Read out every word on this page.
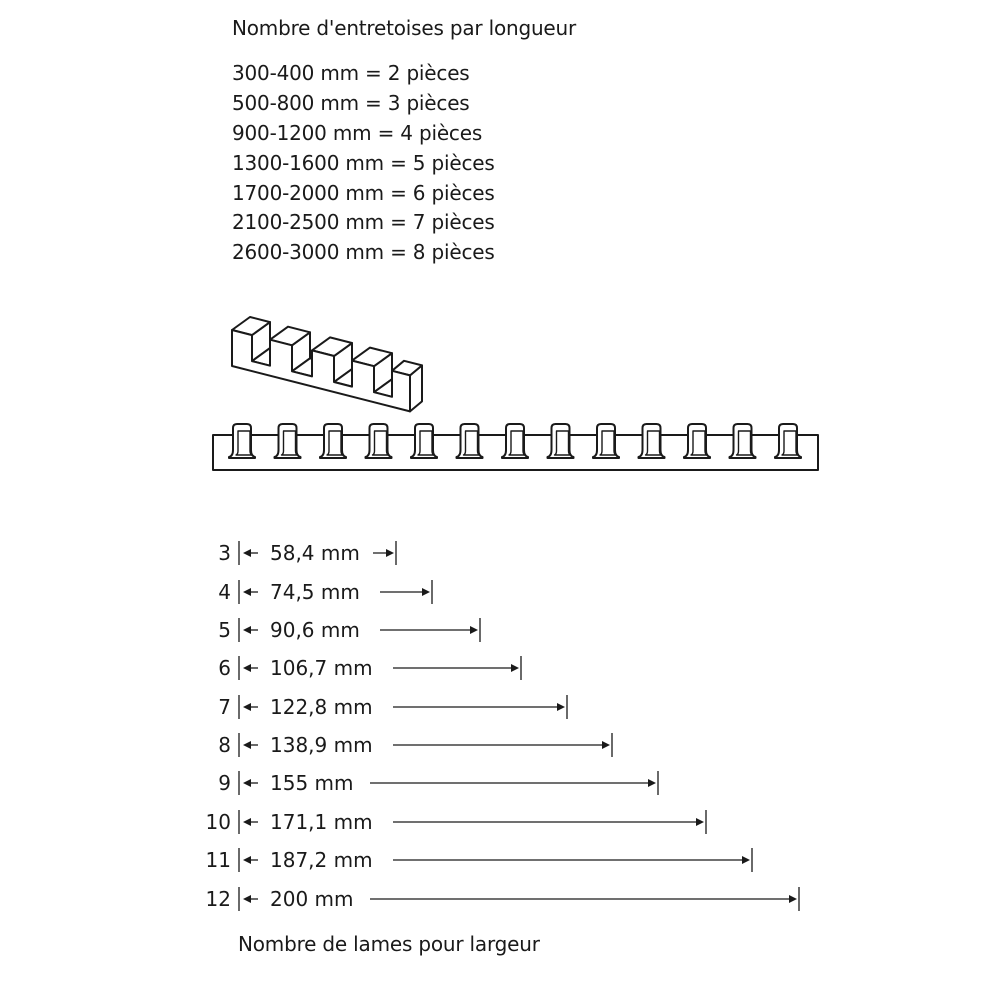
Nombre d'entretoises par longueur
300-400 mm = 2 pièces
500-800 mm = 3 pièces
900-1200 mm = 4 pièces
1300-1600 mm = 5 pièces
1700-2000 mm = 6 pièces
2100-2500 mm = 7 pièces
2600-3000 mm = 8 pièces
3 58,4 mm
4 74,5 mm
5 90,6 mm
6 106,7 mm
7 122,8 mm
8 138,9 mm
9 155 mm
10 171,1 mm
11 187,2 mm
12 200 mm
Nombre de lames pour largeur
